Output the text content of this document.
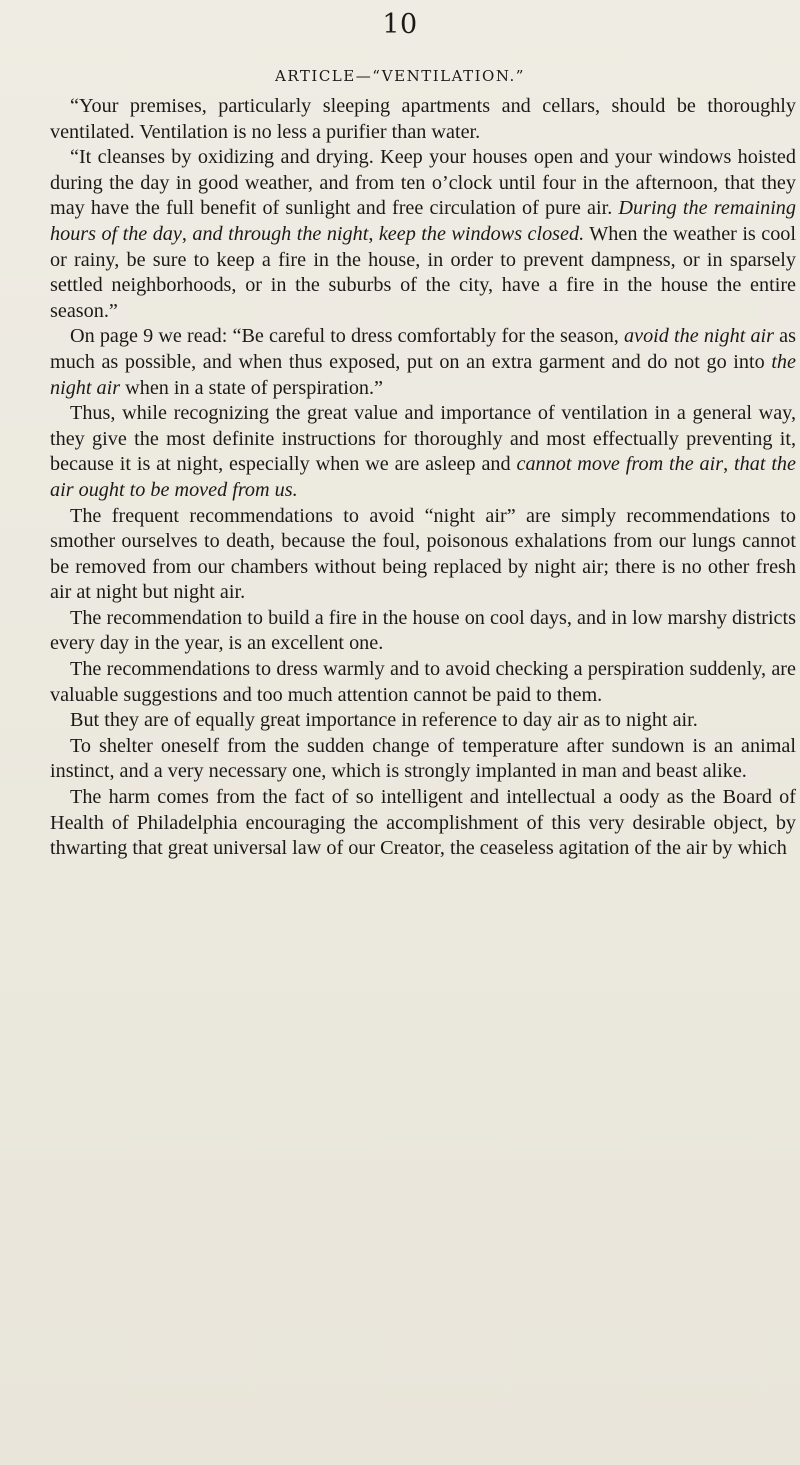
10
ARTICLE—“VENTILATION.”

“Your premises, particularly sleeping apartments and cellars, should be thoroughly ventilated. Ventilation is no less a purifier than water.

“It cleanses by oxidizing and drying. Keep your houses open and your windows hoisted during the day in good weather, and from ten o’clock until four in the afternoon, that they may have the full benefit of sunlight and free circulation of pure air. During the remaining hours of the day, and through the night, keep the windows closed. When the weather is cool or rainy, be sure to keep a fire in the house, in order to prevent dampness, or in sparsely settled neighborhoods, or in the suburbs of the city, have a fire in the house the entire season.”

On page 9 we read: “Be careful to dress comfortably for the season, avoid the night air as much as possible, and when thus exposed, put on an extra garment and do not go into the night air when in a state of perspiration.”

Thus, while recognizing the great value and importance of ventilation in a general way, they give the most definite instructions for thoroughly and most effectually preventing it, because it is at night, especially when we are asleep and cannot move from the air, that the air ought to be moved from us.

The frequent recommendations to avoid “night air” are simply recommendations to smother ourselves to death, because the foul, poisonous exhalations from our lungs cannot be removed from our chambers without being replaced by night air; there is no other fresh air at night but night air.

The recommendation to build a fire in the house on cool days, and in low marshy districts every day in the year, is an excellent one.

The recommendations to dress warmly and to avoid checking a perspiration suddenly, are valuable suggestions and too much attention cannot be paid to them.

But they are of equally great importance in reference to day air as to night air.

To shelter oneself from the sudden change of temperature after sundown is an animal instinct, and a very necessary one, which is strongly implanted in man and beast alike.

The harm comes from the fact of so intelligent and intellectual a oody as the Board of Health of Philadelphia encouraging the accomplishment of this very desirable object, by thwarting that great universal law of our Creator, the ceaseless agitation of the air by which
